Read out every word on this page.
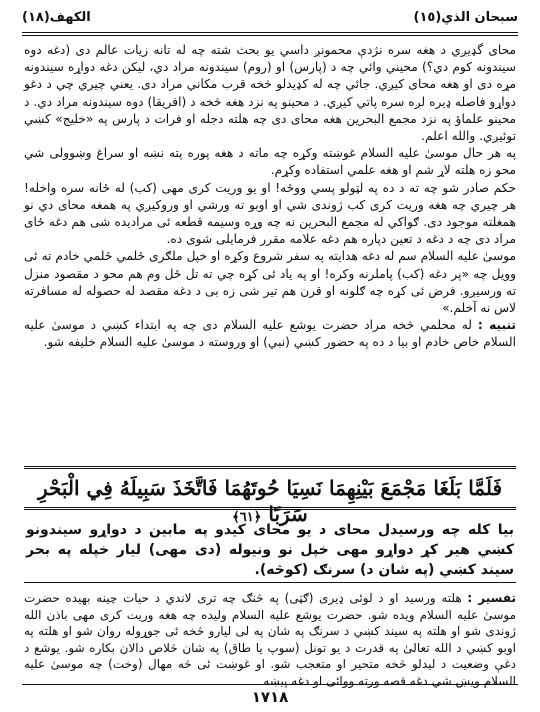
الكهف(١٨)	سبحان الذي(١٥)

محای گډیږي د هغه سره نژدې محمونږ داسي يو بحث شته چه له تانه زيات عالم دی (دغه دوه سيندونه کوم دي؟) محيني وائي چه د (پارس) او (روم) سيندونه مراد دي، ليکن دغه دواړه سيندونه مړه دی او هغه محای کيږي. جائي چه له کډيدلو څخه قرب مکاني مراد دی. يعني چيري چي د دغو دواړو فاصله ډيره لږه سره پاتي کيږي. د محينو په نزد هغه څخه د (افريقا) دوه سيندونه مراد دي. د محينو علماؤ په نزد مجمع البحرين هغه محای دی چه هلته دجله او فرات د پارس په «خليج» کښي توئيږي. والله اعلم.

په هر حال موسیٰ عليه السلام غوښته وکړه چه ماته د هغه پوره پته نښه او سراغ وښوولی شي محو زه هلته لاړ شم او هغه علمي استفاده وکړم.

حکم صادر شو چه ته د ده په لټولو پسي ووځه! او يو وريت کری مهی (کب) له ځانه سره واخله! هر چيري چه هغه وريت کری کب ژوندی شي او اوبو ته ورشي او وروکيږي په همغه محای دي نو همغلته موجود دی. ګواکي له مجمع البحرين نه چه وړه وسيمه قطعه ئی مراديده شی هم دغه ځای مراد دی چه د دغه د تعين دپاره هم دغه علامه مقرر فرمايلی شوی ده.

موسیٰ عليه السلام سم له دغه هدايته په سفر شروع وکړه او خپل ملګری ځلمي ځلمي خادم ته ئی وويل چه «پر دغه (کب) پاملرنه وکره! او په ياد ئی کړه چي ته تل ځل وم هم محو د مقصود منزل ته ورسيږو. فرض ئی کړه چه ګلونه او قرن هم تير شی زه بی د دغه مقصد له حصوله له مسافرته لاس نه آخلم.»

تنبيه : له محلمي څخه مراد حضرت يوشع عليه السلام دی چه په ابتداء کښي د موسیٰ عليه السلام خاص خادم او بيا د ده په حضور کښي (نبي) او وروسته د موسیٰ عليه السلام خليفه شو.

فَلَمَّا بَلَغَا مَجْمَعَ بَيْنِهِمَا نَسِيَا حُوتَهُمَا فَاتَّخَذَ سَبِيلَهُ فِي الْبَحْرِ سَرَبًا ﴿٦١﴾
بيا کله چه ورسيدل محای د يو محای کيدو په مابين د دواړو سيندونو کښي هير کړ دواړو مهی خپل نو ونيوله (دی مهی) ليار خپله په بحر سيند کښي (په شان د) سرنګ (کوڅه).
تفسير : هلته ورسيد او د لوئی ډيری (ګټی) په څنګ چه تری لاندي د حيات چينه بهيده حضرت موسیٰ عليه السلام ويده شو. حضرت يوشع عليه السلام وليده چه هغه وريت کری مهی باذن الله ژوندی شو او هلته په سيند کښي د سرنګ په شان په لی ليارو څخه ئی جوړوله روان شو او هلته په اوبو کښي د الله تعالیٰ په قدرت د يو تونل (سوپ يا طاق) په شان څلاص دالان بکاره شو. يوشع د دغې وضعيت د ليدلو څخه متحير او متعجب شو. او غوښت ئی څه مهال (وخت) چه موسیٰ عليه السلام ويښ شي دغه قصه ورته ووائی او دغه پيښه
١٧١٨
